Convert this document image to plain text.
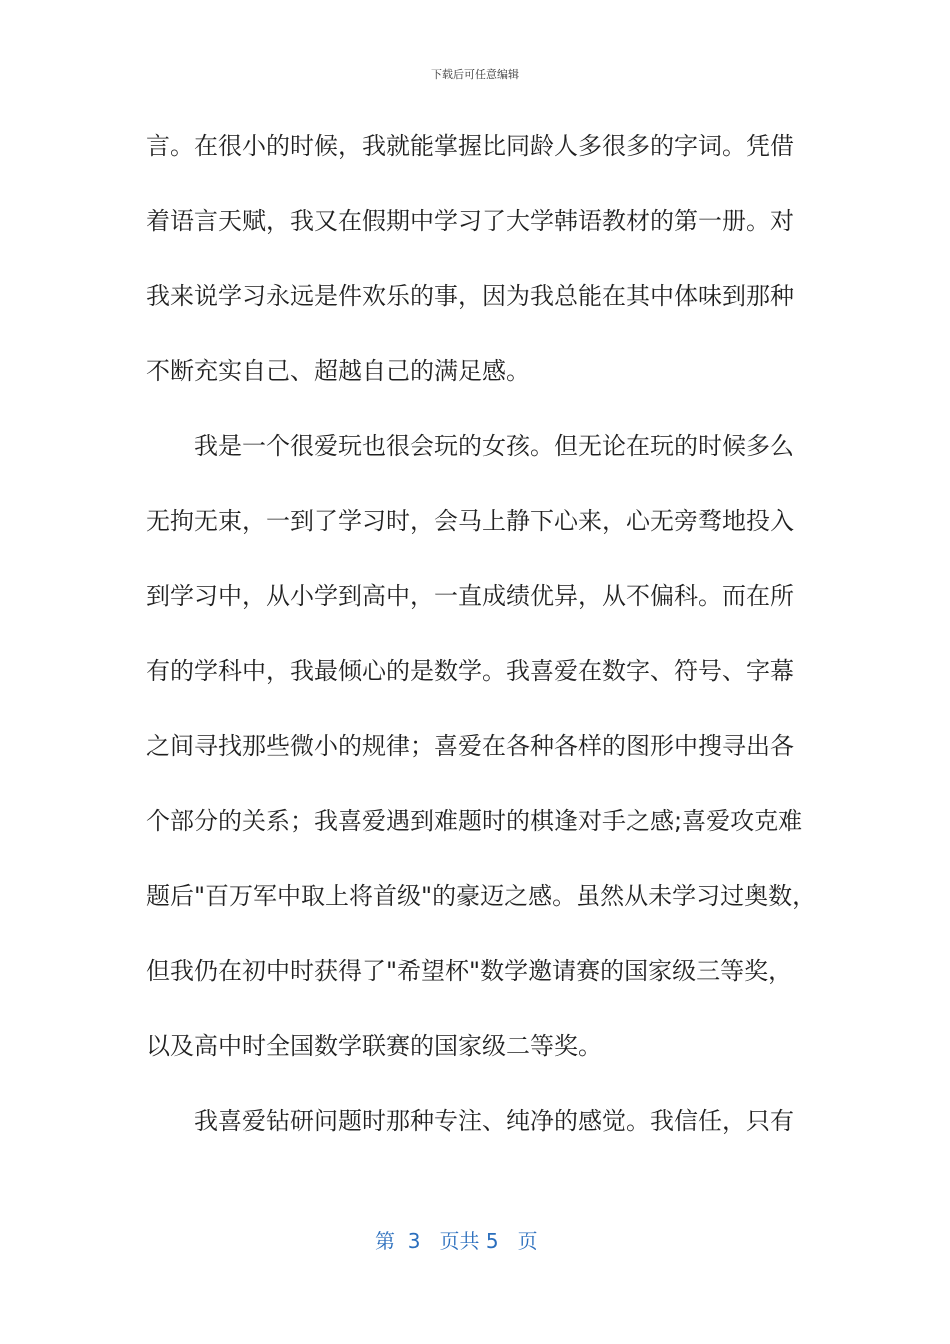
下载后可任意编辑
言。在很小的时候，我就能掌握比同龄人多很多的字词。凭借
着语言天赋，我又在假期中学习了大学韩语教材的第一册。对
我来说学习永远是件欢乐的事，因为我总能在其中体味到那种
不断充实自己、超越自己的满足感。
我是一个很爱玩也很会玩的女孩。但无论在玩的时候多么
无拘无束，一到了学习时，会马上静下心来，心无旁骛地投入
到学习中，从小学到高中，一直成绩优异，从不偏科。而在所
有的学科中，我最倾心的是数学。我喜爱在数字、符号、字幕
之间寻找那些微小的规律；喜爱在各种各样的图形中搜寻出各
个部分的关系；我喜爱遇到难题时的棋逢对手之感;喜爱攻克难
题后"百万军中取上将首级"的豪迈之感。虽然从未学习过奥数，
但我仍在初中时获得了"希望杯"数学邀请赛的国家级三等奖，
以及高中时全国数学联赛的国家级二等奖。
我喜爱钻研问题时那种专注、纯净的感觉。我信任，只有
第  3   页共 5   页
